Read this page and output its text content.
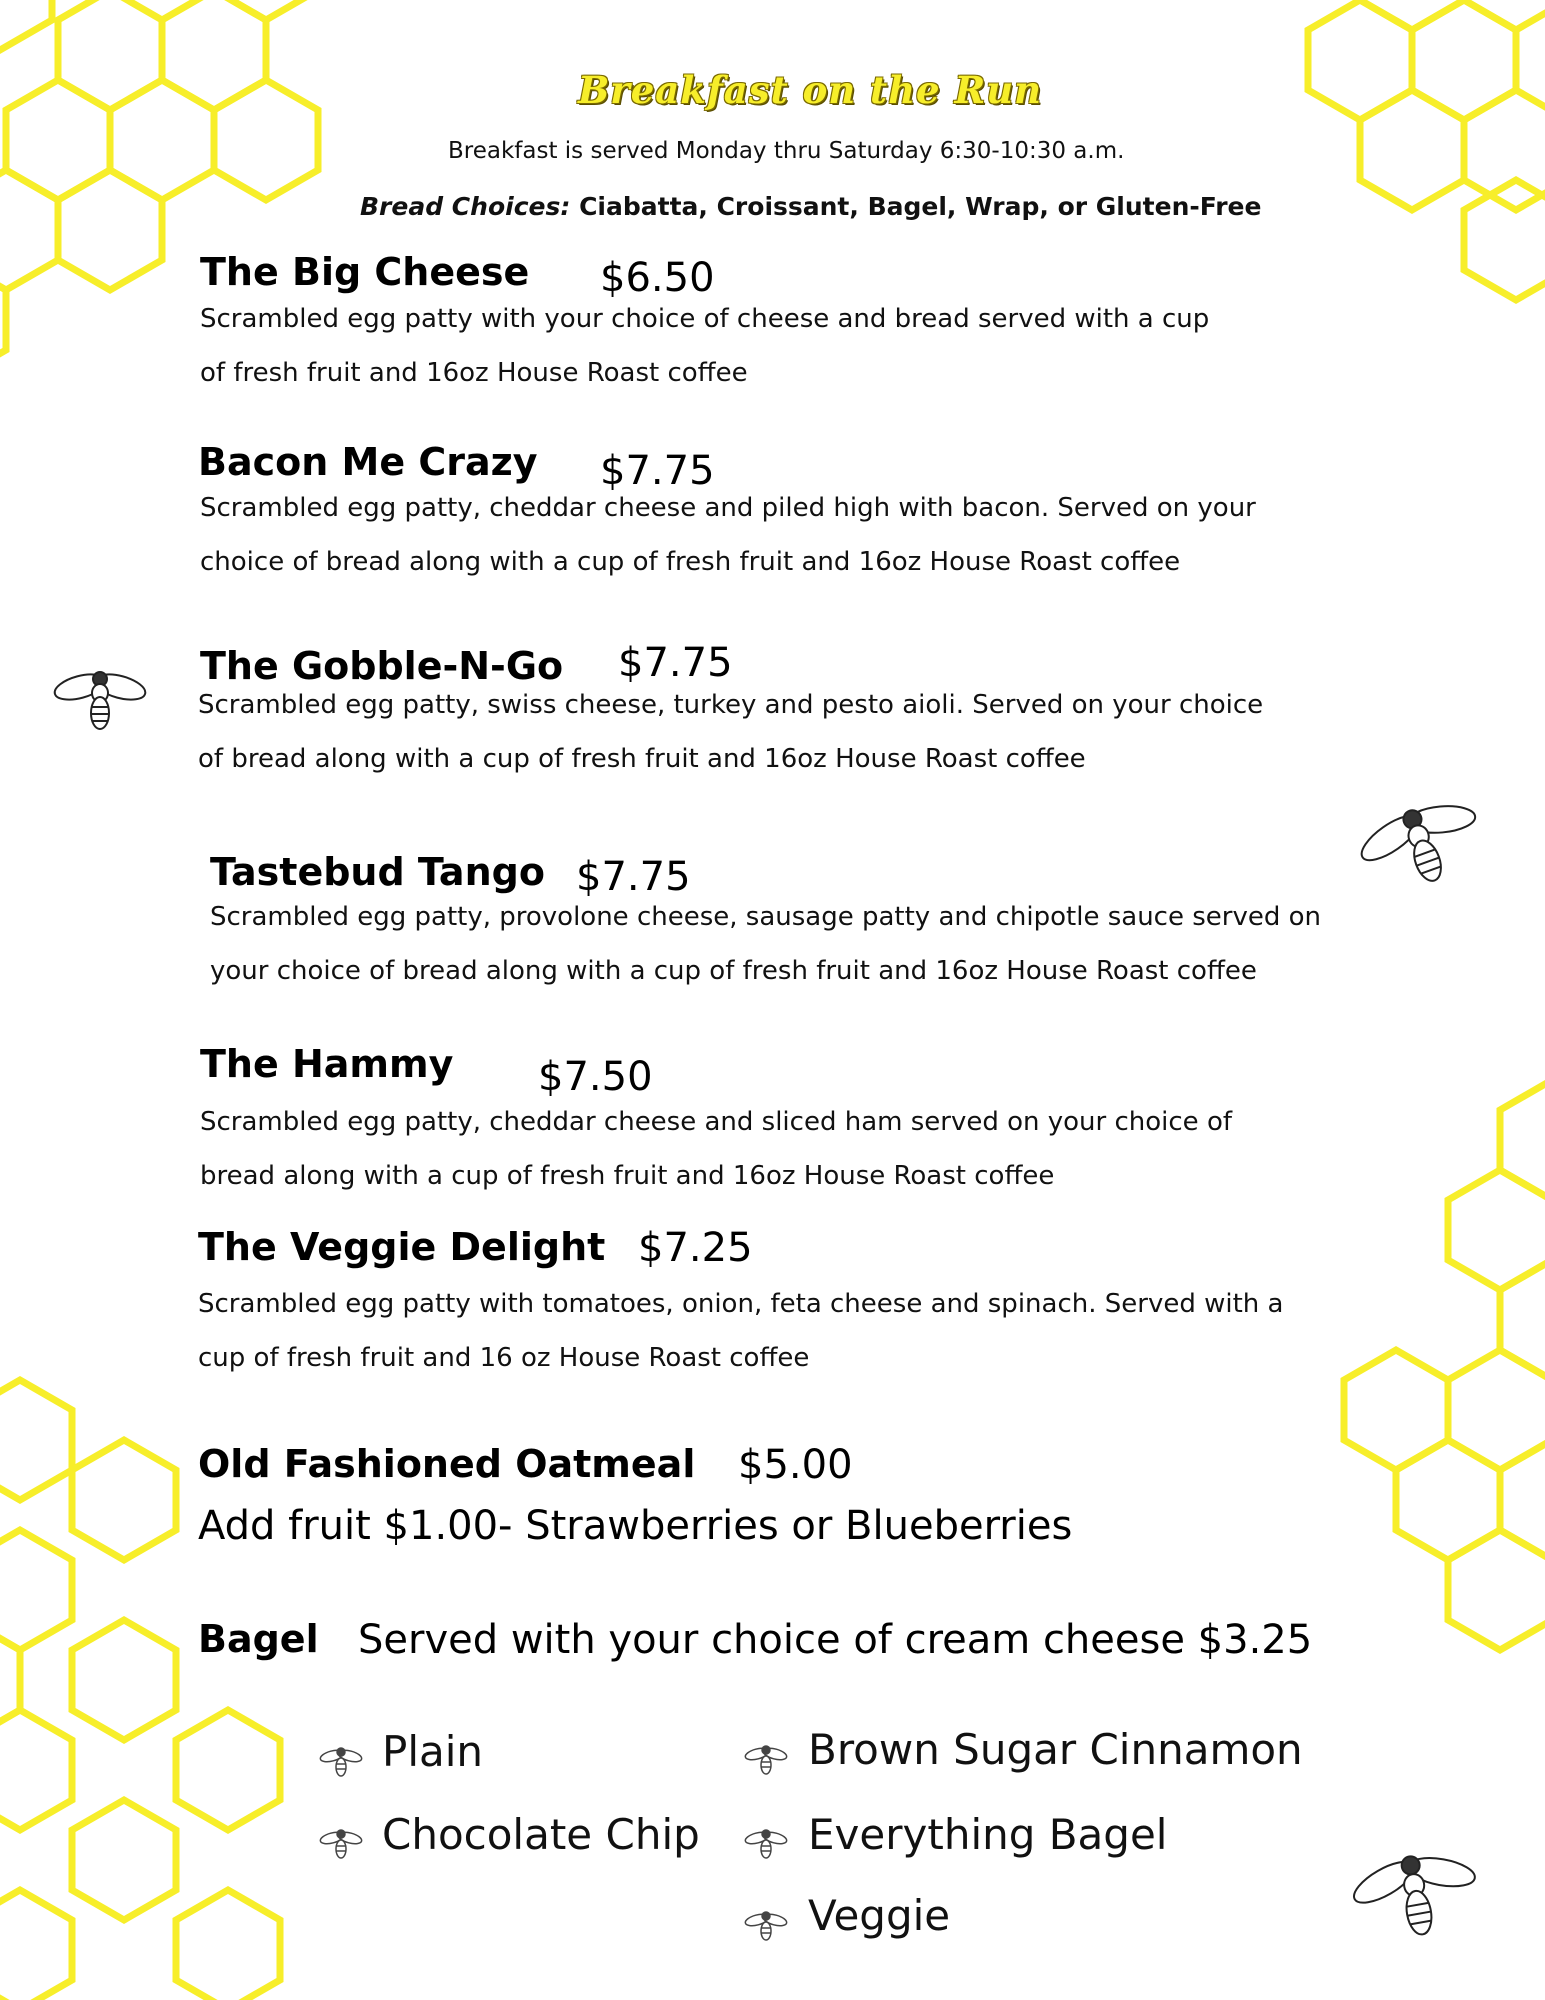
Breakfast on the Run
Breakfast is served Monday thru Saturday 6:30-10:30 a.m.
Bread Choices: Ciabatta, Croissant, Bagel, Wrap, or Gluten-Free
The Big Cheese $6.50
Scrambled egg patty with your choice of cheese and bread served with a cup
of fresh fruit and 16oz House Roast coffee
Bacon Me Crazy $7.75
Scrambled egg patty, cheddar cheese and piled high with bacon. Served on your
choice of bread along with a cup of fresh fruit and 16oz House Roast coffee
The Gobble-N-Go $7.75
Scrambled egg patty, swiss cheese, turkey and pesto aioli. Served on your choice
of bread along with a cup of fresh fruit and 16oz House Roast coffee
Tastebud Tango $7.75
Scrambled egg patty, provolone cheese, sausage patty and chipotle sauce served on
your choice of bread along with a cup of fresh fruit and 16oz House Roast coffee
The Hammy $7.50
Scrambled egg patty, cheddar cheese and sliced ham served on your choice of
bread along with a cup of fresh fruit and 16oz House Roast coffee
The Veggie Delight $7.25
Scrambled egg patty with tomatoes, onion, feta cheese and spinach. Served with a
cup of fresh fruit and 16 oz House Roast coffee
Old Fashioned Oatmeal $5.00
Add fruit $1.00- Strawberries or Blueberries
Bagel Served with your choice of cream cheese $3.25
Plain
Chocolate Chip
Brown Sugar Cinnamon
Everything Bagel
Veggie
